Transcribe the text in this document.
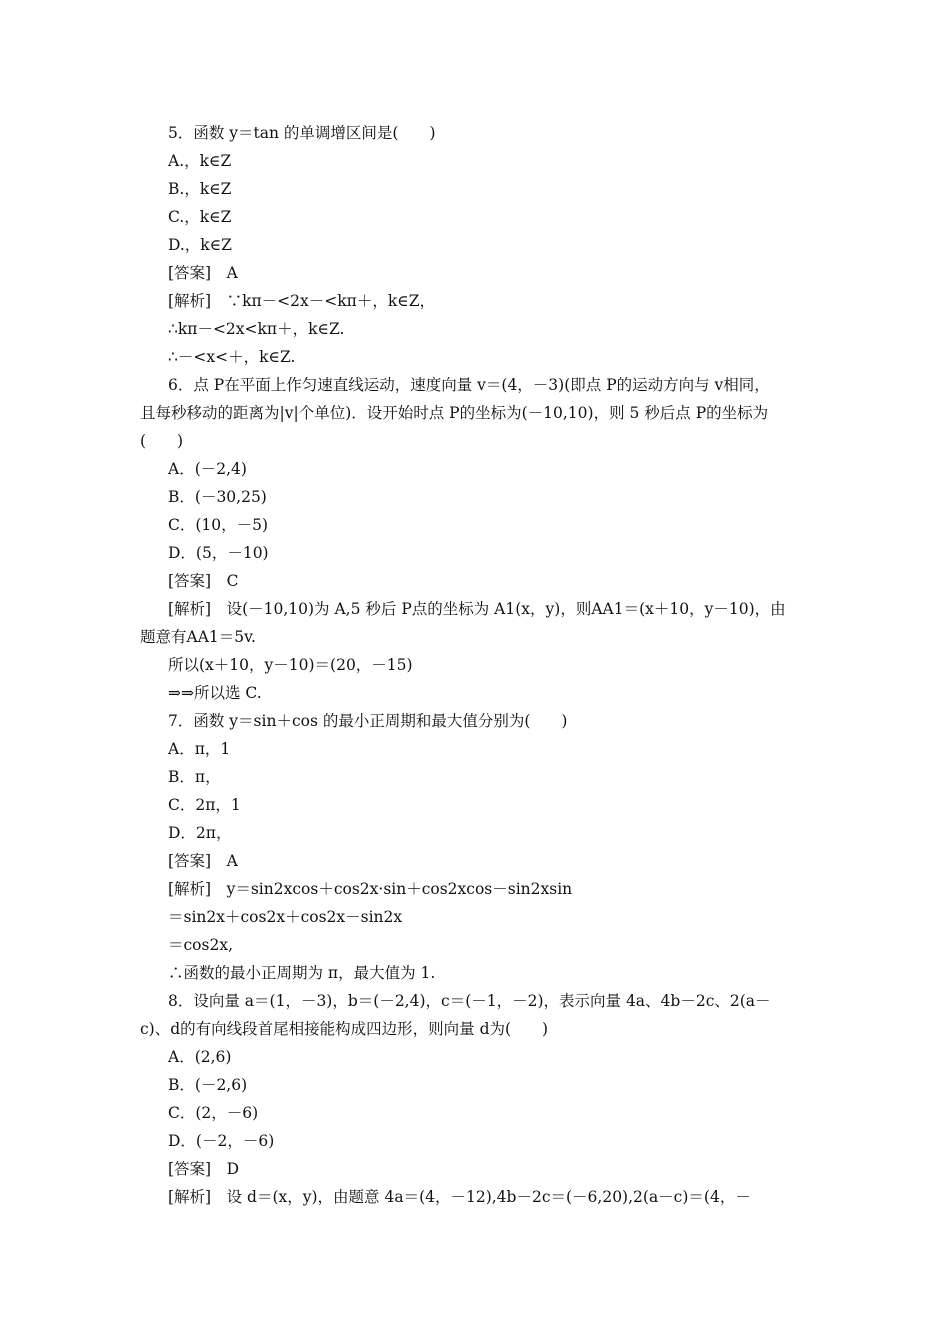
5．函数 y＝tan 的单调增区间是(　　)
A.，k∈Z
B.，k∈Z
C.，k∈Z
D.，k∈Z
[答案]　A
[解析]　∵kπ－<2x－<kπ＋，k∈Z，
∴kπ－<2x<kπ＋，k∈Z.
∴－<x<＋，k∈Z.
6．点 P在平面上作匀速直线运动，速度向量 v＝(4，－3)(即点 P的运动方向与 v相同，
且每秒移动的距离为|v|个单位)．设开始时点 P的坐标为(－10,10)，则 5 秒后点 P的坐标为
(　　)
A．(－2,4)
B．(－30,25)
C．(10，－5)
D．(5，－10)
[答案]　C
[解析]　设(－10,10)为 A,5 秒后 P点的坐标为 A1(x，y)，则AA1＝(x＋10，y－10)，由
题意有AA1＝5v.
所以(x＋10，y－10)＝(20，－15)
⇒⇒所以选 C.
7．函数 y＝sin＋cos 的最小正周期和最大值分别为(　　)
A．π，1
B．π，
C．2π，1
D．2π，
[答案]　A
[解析]　y＝sin2xcos＋cos2x·sin＋cos2xcos－sin2xsin
＝sin2x＋cos2x＋cos2x－sin2x
＝cos2x,
∴函数的最小正周期为 π，最大值为 1.
8．设向量 a＝(1，－3)，b＝(－2,4)，c＝(－1，－2)，表示向量 4a、4b－2c、2(a－
c)、d的有向线段首尾相接能构成四边形，则向量 d为(　　)
A．(2,6)
B．(－2,6)
C．(2，－6)
D．(－2，－6)
[答案]　D
[解析]　设 d＝(x，y)，由题意 4a＝(4，－12),4b－2c＝(－6,20),2(a－c)＝(4，－
